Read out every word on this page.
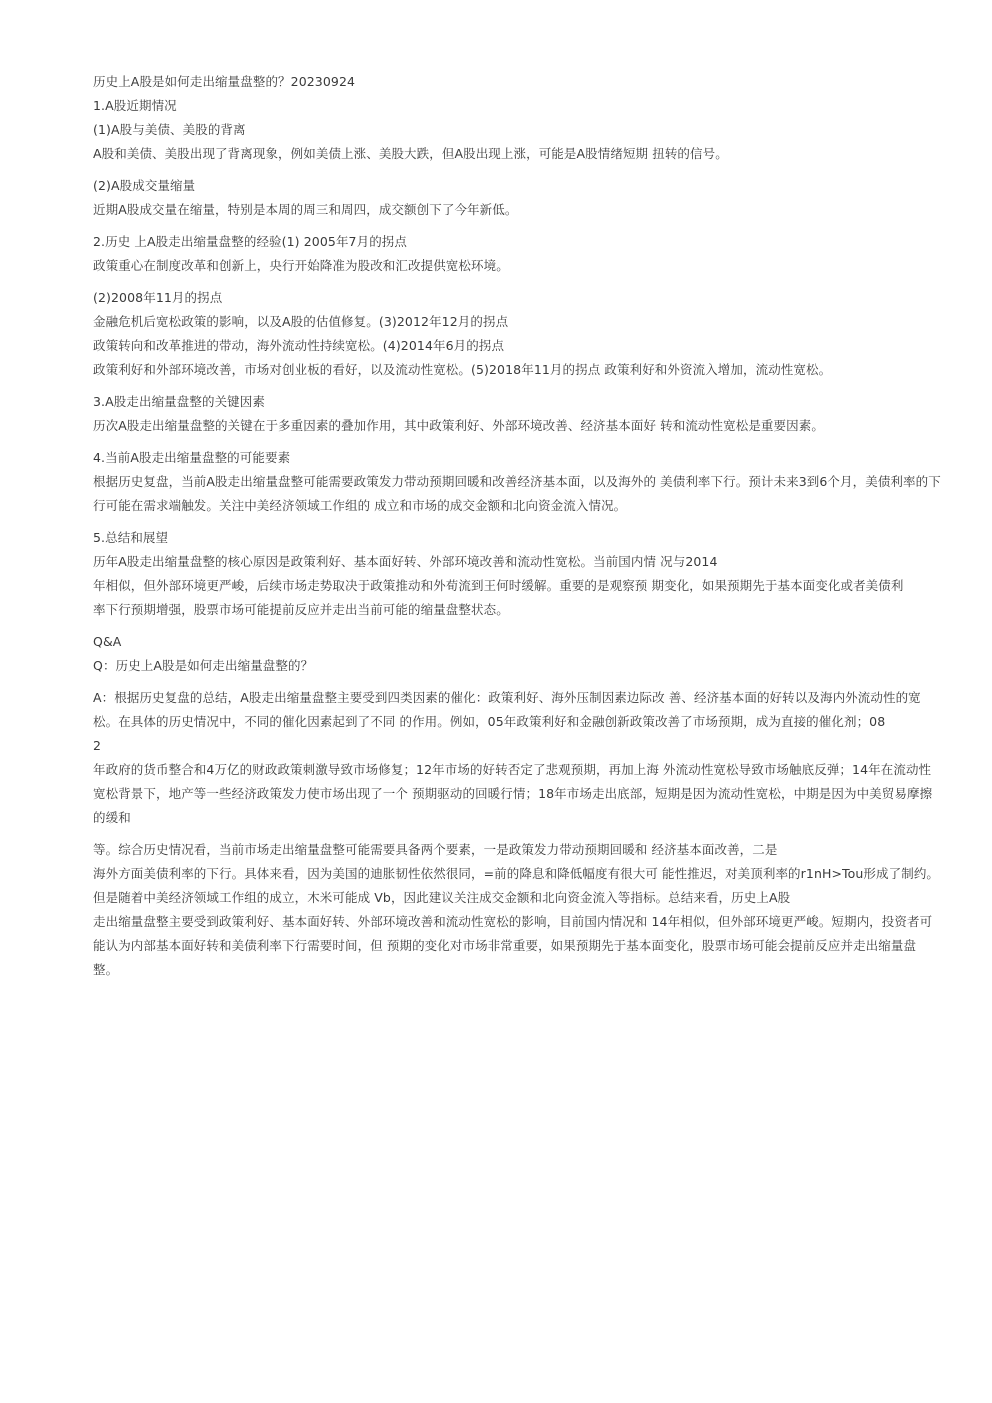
历史上A股是如何走出缩量盘整的？20230924

1.A股近期情况

(1)A股与美债、美股的背离

A股和美债、美股出现了背离现象，例如美债上涨、美股大跌，但A股出现上涨，可能是A股情绪短期 扭转的信号。

(2)A股成交量缩量

近期A股成交量在缩量，特别是本周的周三和周四，成交额创下了今年新低。

2.历史 上A股走出缩量盘整的经验(1) 2005年7月的拐点

政策重心在制度改革和创新上，央行开始降准为股改和汇改提供宽松环境。

(2)2008年11月的拐点

金融危机后宽松政策的影响，以及A股的估值修复。(3)2012年12月的拐点

政策转向和改革推进的带动，海外流动性持续宽松。(4)2014年6月的拐点

政策利好和外部环境改善，市场对创业板的看好，以及流动性宽松。(5)2018年11月的拐点 政策利好和外资流入增加，流动性宽松。

3.A股走出缩量盘整的关键因素

历次A股走出缩量盘整的关键在于多重因素的叠加作用，其中政策利好、外部环境改善、经济基本面好 转和流动性宽松是重要因素。

4.当前A股走出缩量盘整的可能要素

根据历史复盘，当前A股走出缩量盘整可能需要政策发力带动预期回暖和改善经济基本面，以及海外的 美债利率下行。预计未来3到6个月，美债利率的下行可能在需求端触发。关注中美经济领域工作组的 成立和市场的成交金额和北向资金流入情况。

5.总结和展望

历年A股走出缩量盘整的核心原因是政策利好、基本面好转、外部环境改善和流动性宽松。当前国内情 况与2014

年相似，但外部环境更严峻，后续市场走势取决于政策推动和外荀流到王何时缓解。重要的是观察预 期变化，如果预期先于基本面变化或者美债利

率下行预期增强，股票市场可能提前反应并走出当前可能的缩量盘整状态。

Q&A

Q：历史上A股是如何走出缩量盘整的？

A：根据历史复盘的总结，A股走出缩量盘整主要受到四类因素的催化：政策利好、海外压制因素边际改 善、经济基本面的好转以及海内外流动性的宽松。在具体的历史情况中，不同的催化因素起到了不同 的作用。例如，05年政策利好和金融创新政策改善了市场预期，成为直接的催化剂；08

2

年政府的货币整合和4万亿的财政政策刺激导致市场修复；12年市场的好转否定了悲观预期，再加上海 外流动性宽松导致市场触底反弹；14年在流动性宽松背景下，地产等一些经济政策发力使市场出现了一个 预期驱动的回暖行情；18年市场走出底部，短期是因为流动性宽松，中期是因为中美贸易摩擦的缓和

等。综合历史情况看，当前市场走出缩量盘整可能需要具备两个要素，一是政策发力带动预期回暖和 经济基本面改善，二是

海外方面美债利率的下行。具体来看，因为美国的迪胀韧性依然很同，=前的降息和降低幅度有很大可 能性推迟，对美顶利率的r1nH>Tou形成了制约。但是随着中美经济领域工作组的成立，木米可能成 Vb，因此建议关注成交金额和北向资金流入等指标。总结来看，历史上A股

走出缩量盘整主要受到政策利好、基本面好转、外部环境改善和流动性宽松的影响，目前国内情况和 14年相似，但外部环境更严峻。短期内，投资者可能认为内部基本面好转和美债利率下行需要时间，但 预期的变化对市场非常重要，如果预期先于基本面变化，股票市场可能会提前反应并走出缩量盘整。
